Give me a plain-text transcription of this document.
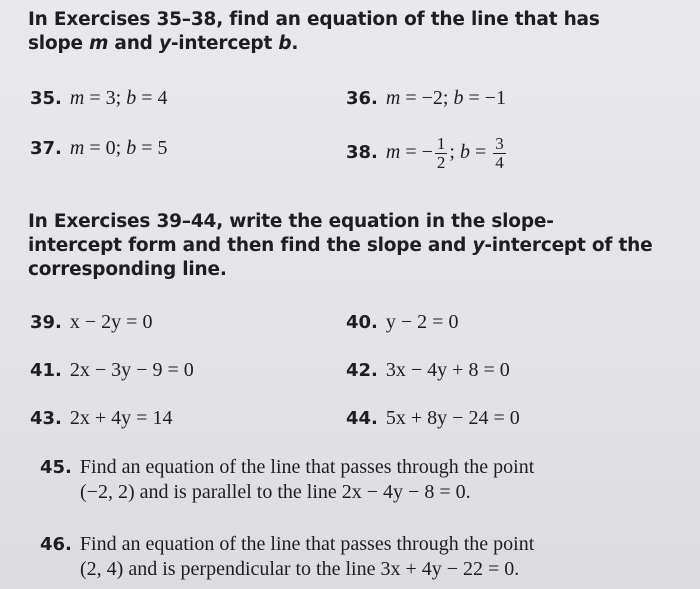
In Exercises 35–38, find an equation of the line that has
slope m and y-intercept b.
35. m = 3; b = 4	36. m = −2; b = −1
37. m = 0; b = 5	38. m = − $\frac{1}{2}$ ; $b = \frac{3}{4}$
In Exercises 39–44, write the equation in the slope-
intercept form and then find the slope and y-intercept of the
corresponding line.
39. x − 2y = 0	40. y − 2 = 0
41. 2x − 3y − 9 = 0	42. 3x − 4y + 8 = 0
43. 2x + 4y = 14	44. 5x + 8y − 24 = 0
45. Find an equation of the line that passes through the point
(−2, 2) and is parallel to the line 2x − 4y − 8 = 0.
46. Find an equation of the line that passes through the point
(2, 4) and is perpendicular to the line 3x + 4y − 22 = 0.
